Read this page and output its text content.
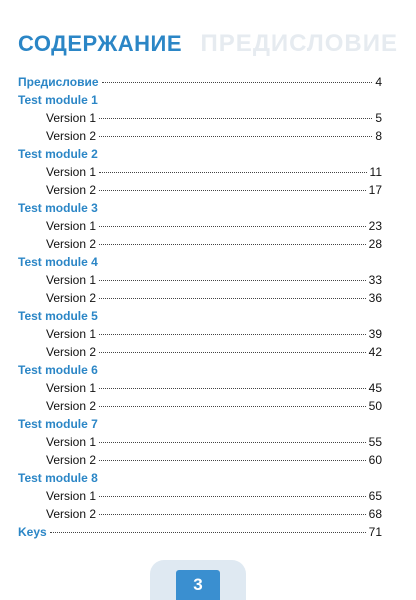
ПРЕДИСЛОВИЕ
СОДЕРЖАНИЕ
Предисловие	4
Test module 1
Version 1	5
Version 2	8
Test module 2
Version 1	11
Version 2	17
Test module 3
Version 1	23
Version 2	28
Test module 4
Version 1	33
Version 2	36
Test module 5
Version 1	39
Version 2	42
Test module 6
Version 1	45
Version 2	50
Test module 7
Version 1	55
Version 2	60
Test module 8
Version 1	65
Version 2	68
Keys	71
3
